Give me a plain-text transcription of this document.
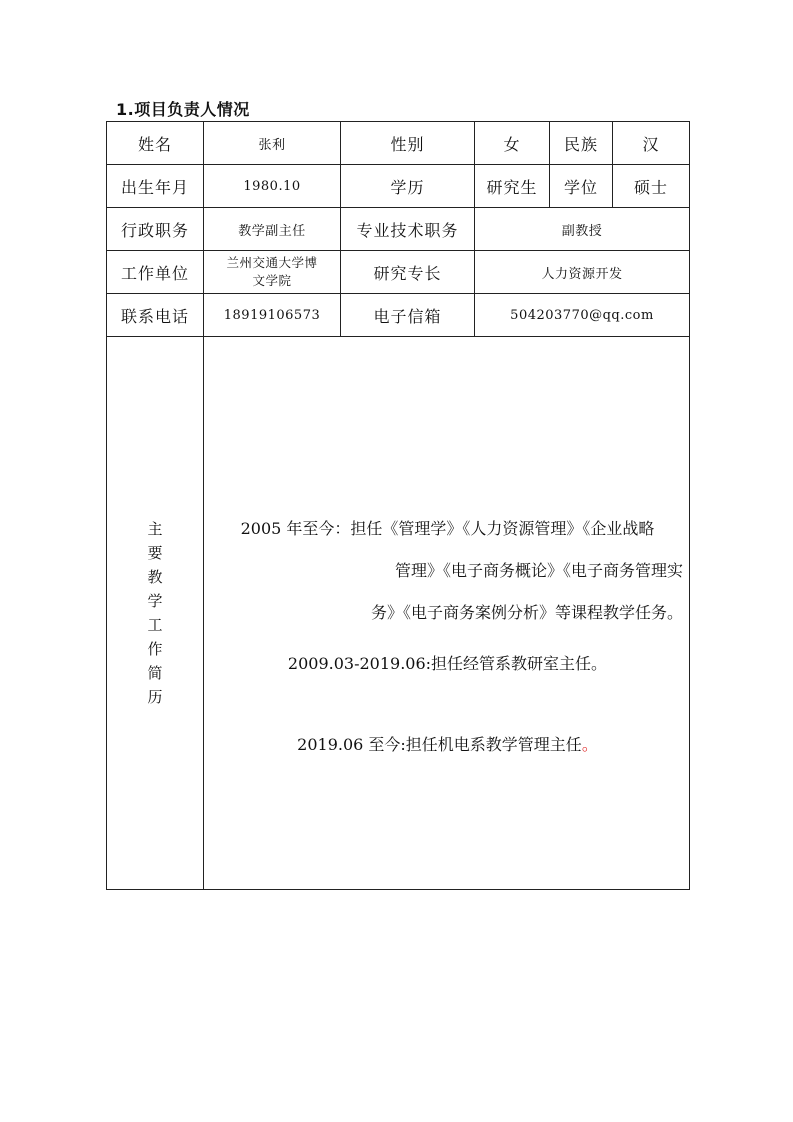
1.项目负责人情况
姓名	张利	性别	女	民族	汉
出生年月	1980.10	学历	研究生	学位	硕士
行政职务	教学副主任	专业技术职务	副教授		
工作单位	兰州交通大学博文学院	研究专长	人力资源开发		
联系电话	18919106573	电子信箱	504203770@qq.com		

主要教学工作简历	2005 年至今：担任《管理学》《人力资源管理》《企业战略
管理》《电子商务概论》《电子商务管理实
务》《电子商务案例分析》等课程教学任务。
2009.03-2019.06:担任经管系教研室主任。
2019.06 至今:担任机电系教学管理主任。				
